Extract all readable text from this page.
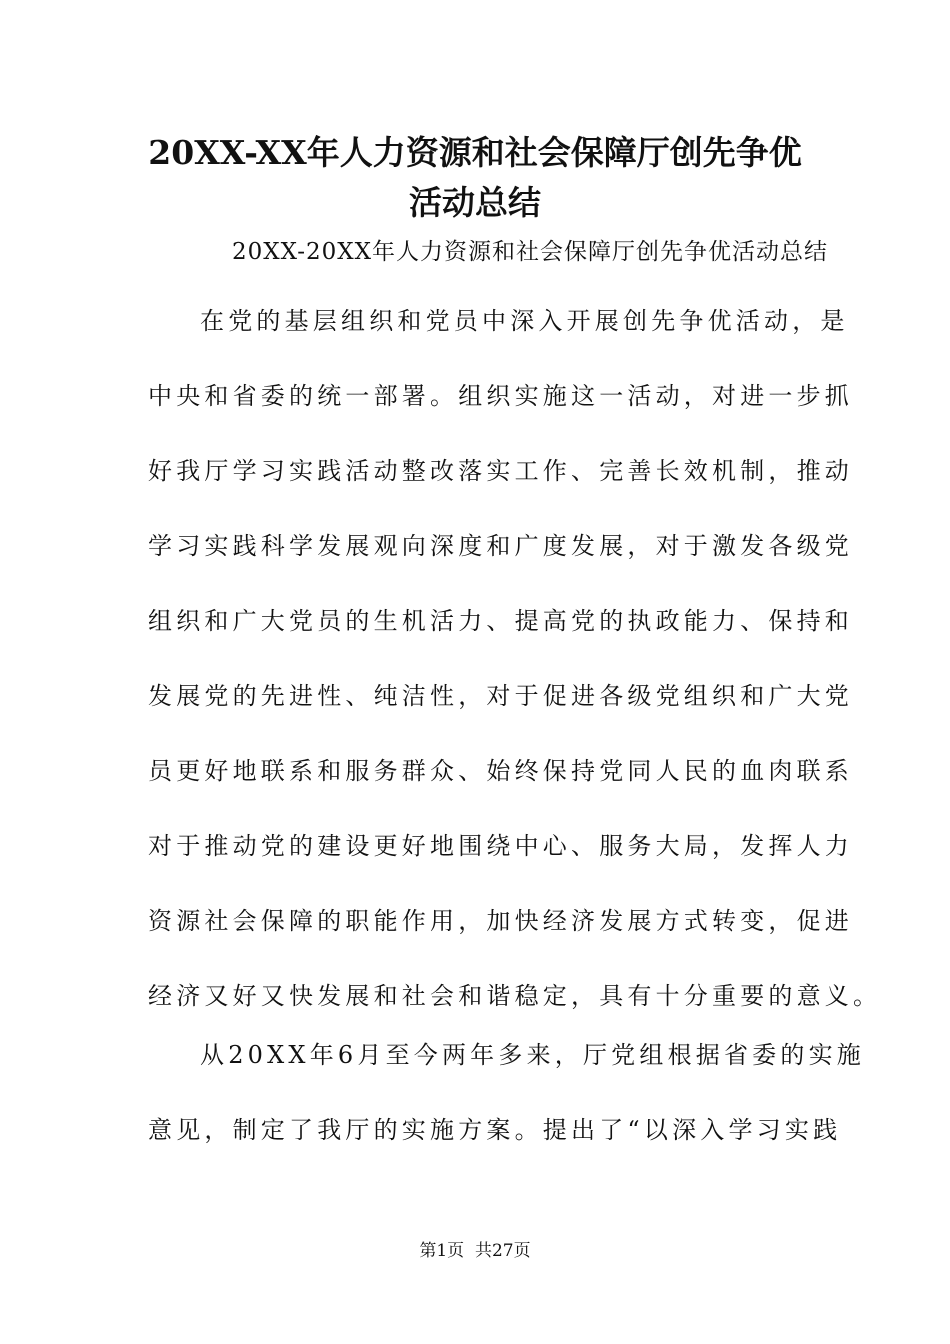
20XX-XX年人力资源和社会保障厅创先争优
活动总结

20XX-20XX年人力资源和社会保障厅创先争优活动总结

在党的基层组织和党员中深入开展创先争优活动，是
中央和省委的统一部署。组织实施这一活动，对进一步抓
好我厅学习实践活动整改落实工作、完善长效机制，推动
学习实践科学发展观向深度和广度发展，对于激发各级党
组织和广大党员的生机活力、提高党的执政能力、保持和
发展党的先进性、纯洁性，对于促进各级党组织和广大党
员更好地联系和服务群众、始终保持党同人民的血肉联系
对于推动党的建设更好地围绕中心、服务大局，发挥人力
资源社会保障的职能作用，加快经济发展方式转变，促进
经济又好又快发展和社会和谐稳定，具有十分重要的意义。
从20XX年6月至今两年多来，厅党组根据省委的实施
意见，制定了我厅的实施方案。提出了“以深入学习实践

第1页  共27页
